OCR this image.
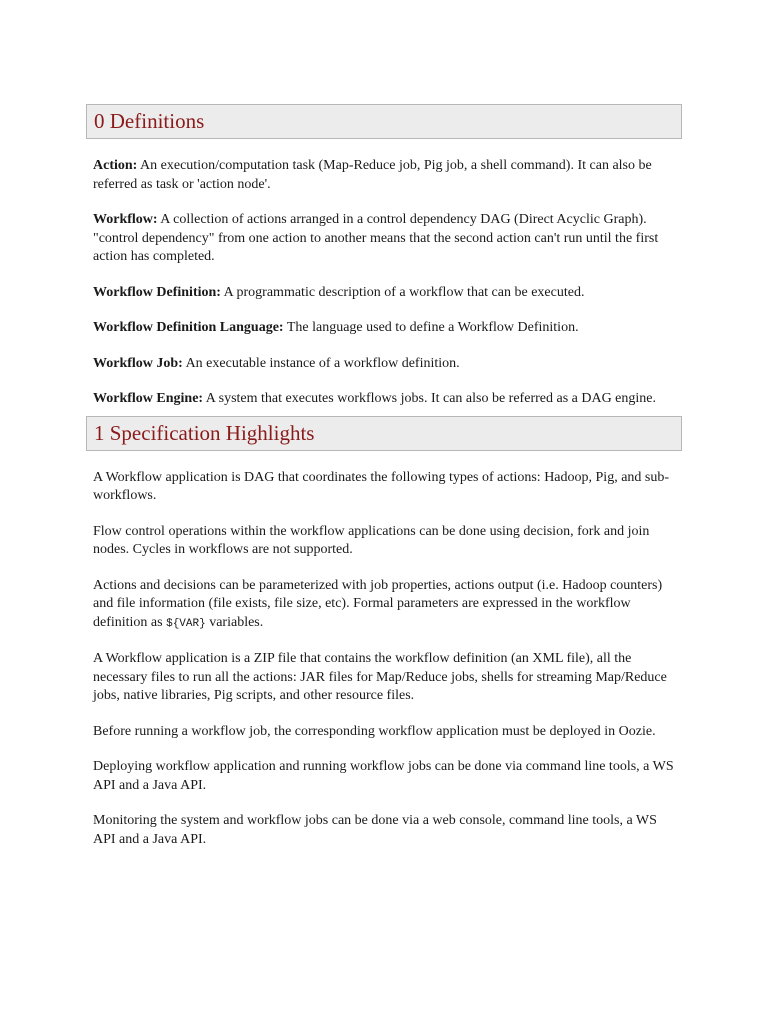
0 Definitions

Action: An execution/computation task (Map-Reduce job, Pig job, a shell command). It can also be referred as task or 'action node'.

Workflow: A collection of actions arranged in a control dependency DAG (Direct Acyclic Graph). "control dependency" from one action to another means that the second action can't run until the first action has completed.

Workflow Definition: A programmatic description of a workflow that can be executed.

Workflow Definition Language: The language used to define a Workflow Definition.

Workflow Job: An executable instance of a workflow definition.

Workflow Engine: A system that executes workflows jobs. It can also be referred as a DAG engine.

1 Specification Highlights

A Workflow application is DAG that coordinates the following types of actions: Hadoop, Pig, and sub-workflows.

Flow control operations within the workflow applications can be done using decision, fork and join nodes. Cycles in workflows are not supported.

Actions and decisions can be parameterized with job properties, actions output (i.e. Hadoop counters) and file information (file exists, file size, etc). Formal parameters are expressed in the workflow definition as ${VAR} variables.

A Workflow application is a ZIP file that contains the workflow definition (an XML file), all the necessary files to run all the actions: JAR files for Map/Reduce jobs, shells for streaming Map/Reduce jobs, native libraries, Pig scripts, and other resource files.

Before running a workflow job, the corresponding workflow application must be deployed in Oozie.

Deploying workflow application and running workflow jobs can be done via command line tools, a WS API and a Java API.

Monitoring the system and workflow jobs can be done via a web console, command line tools, a WS API and a Java API.
